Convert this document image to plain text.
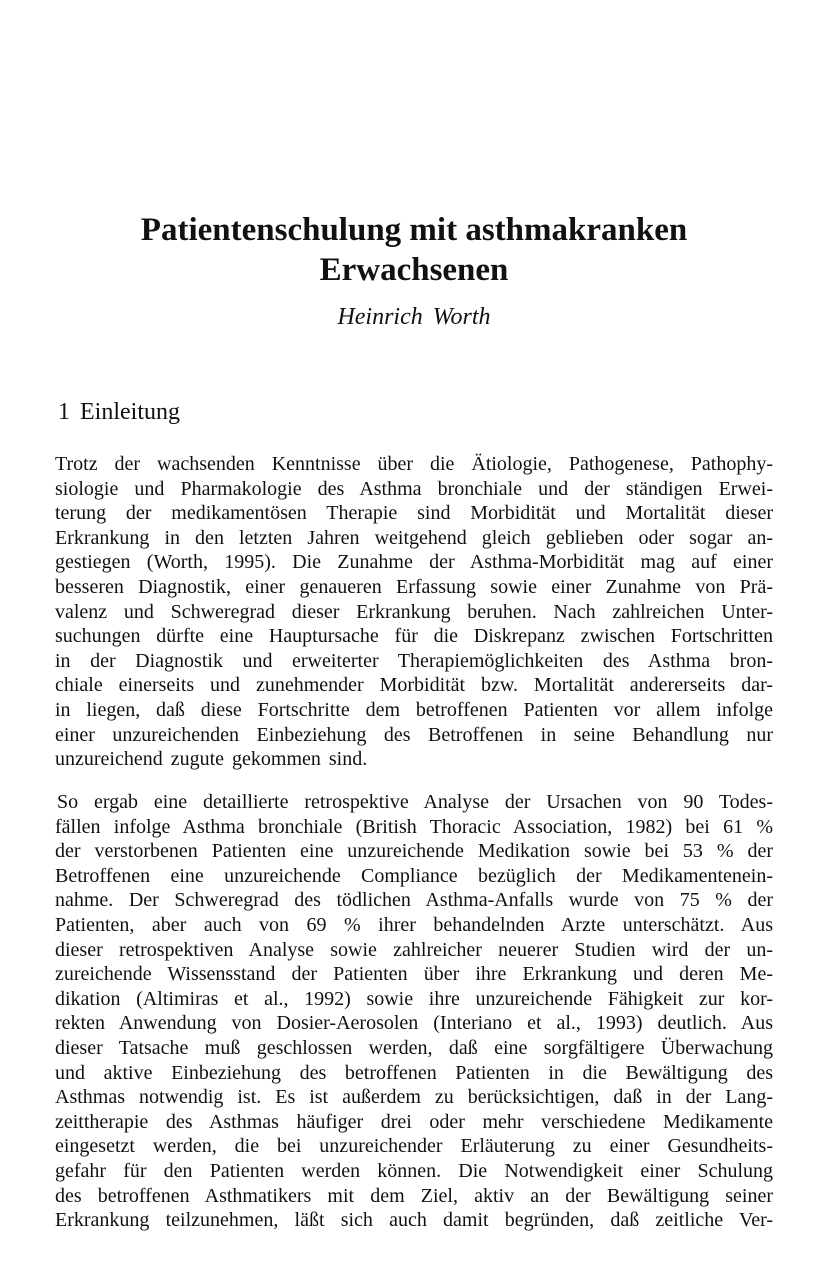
Patientenschulung mit asthmakranken
Erwachsenen

Heinrich Worth

1 Einleitung
Trotz der wachsenden Kenntnisse über die Ätiologie, Pathogenese, Pathophy-
siologie und Pharmakologie des Asthma bronchiale und der ständigen Erwei-
terung der medikamentösen Therapie sind Morbidität und Mortalität dieser
Erkrankung in den letzten Jahren weitgehend gleich geblieben oder sogar an-
gestiegen (Worth, 1995). Die Zunahme der Asthma-Morbidität mag auf einer
besseren Diagnostik, einer genaueren Erfassung sowie einer Zunahme von Prä-
valenz und Schweregrad dieser Erkrankung beruhen. Nach zahlreichen Unter-
suchungen dürfte eine Hauptursache für die Diskrepanz zwischen Fortschritten
in der Diagnostik und erweiterter Therapiemöglichkeiten des Asthma bron-
chiale einerseits und zunehmender Morbidität bzw. Mortalität andererseits dar-
in liegen, daß diese Fortschritte dem betroffenen Patienten vor allem infolge
einer unzureichenden Einbeziehung des Betroffenen in seine Behandlung nur
unzureichend zugute gekommen sind.
So ergab eine detaillierte retrospektive Analyse der Ursachen von 90 Todes-
fällen infolge Asthma bronchiale (British Thoracic Association, 1982) bei 61 %
der verstorbenen Patienten eine unzureichende Medikation sowie bei 53 % der
Betroffenen eine unzureichende Compliance bezüglich der Medikamentenein-
nahme. Der Schweregrad des tödlichen Asthma-Anfalls wurde von 75 % der
Patienten, aber auch von 69 % ihrer behandelnden Arzte unterschätzt. Aus
dieser retrospektiven Analyse sowie zahlreicher neuerer Studien wird der un-
zureichende Wissensstand der Patienten über ihre Erkrankung und deren Me-
dikation (Altimiras et al., 1992) sowie ihre unzureichende Fähigkeit zur kor-
rekten Anwendung von Dosier-Aerosolen (Interiano et al., 1993) deutlich. Aus
dieser Tatsache muß geschlossen werden, daß eine sorgfältigere Überwachung
und aktive Einbeziehung des betroffenen Patienten in die Bewältigung des
Asthmas notwendig ist. Es ist außerdem zu berücksichtigen, daß in der Lang-
zeittherapie des Asthmas häufiger drei oder mehr verschiedene Medikamente
eingesetzt werden, die bei unzureichender Erläuterung zu einer Gesundheits-
gefahr für den Patienten werden können. Die Notwendigkeit einer Schulung
des betroffenen Asthmatikers mit dem Ziel, aktiv an der Bewältigung seiner
Erkrankung teilzunehmen, läßt sich auch damit begründen, daß zeitliche Ver-
